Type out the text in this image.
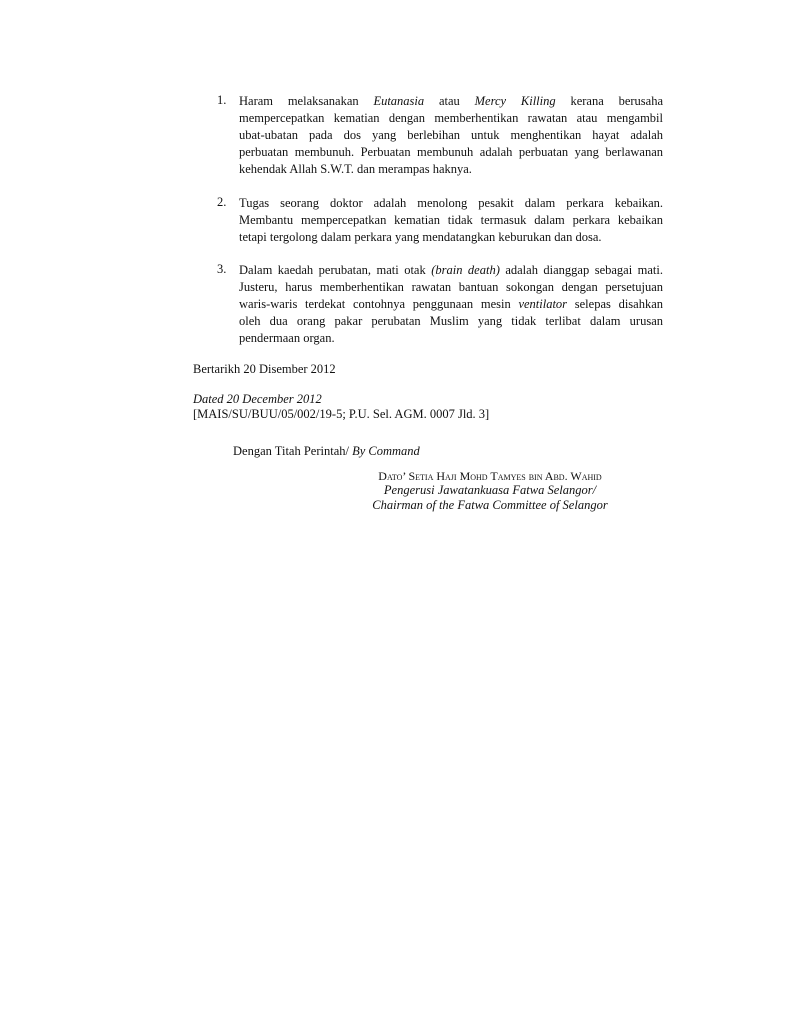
1.	Haram melaksanakan Eutanasia atau Mercy Killing kerana berusaha
mempercepatkan kematian dengan memberhentikan rawatan atau mengambil
ubat-ubatan pada dos yang berlebihan untuk menghentikan hayat adalah
perbuatan membunuh. Perbuatan membunuh adalah perbuatan yang berlawanan
kehendak Allah S.W.T. dan merampas haknya.
2.	Tugas seorang doktor adalah menolong pesakit dalam perkara kebaikan.
Membantu mempercepatkan kematian tidak termasuk dalam perkara kebaikan
tetapi tergolong dalam perkara yang mendatangkan keburukan dan dosa.
3.	Dalam kaedah perubatan, mati otak (brain death) adalah dianggap sebagai mati.
Justeru, harus memberhentikan rawatan bantuan sokongan dengan persetujuan
waris-waris terdekat contohnya penggunaan mesin ventilator selepas disahkan
oleh dua orang pakar perubatan Muslim yang tidak terlibat dalam urusan
pendermaan organ.
Bertarikh 20 Disember 2012
Dated 20 December 2012
[MAIS/SU/BUU/05/002/19-5; P.U. Sel. AGM. 0007 Jld. 3]
Dengan Titah Perintah/ By Command
Dato’ Setia Haji Mohd Tamyes bin Abd. Wahid
Pengerusi Jawatankuasa Fatwa Selangor/
Chairman of the Fatwa Committee of Selangor
